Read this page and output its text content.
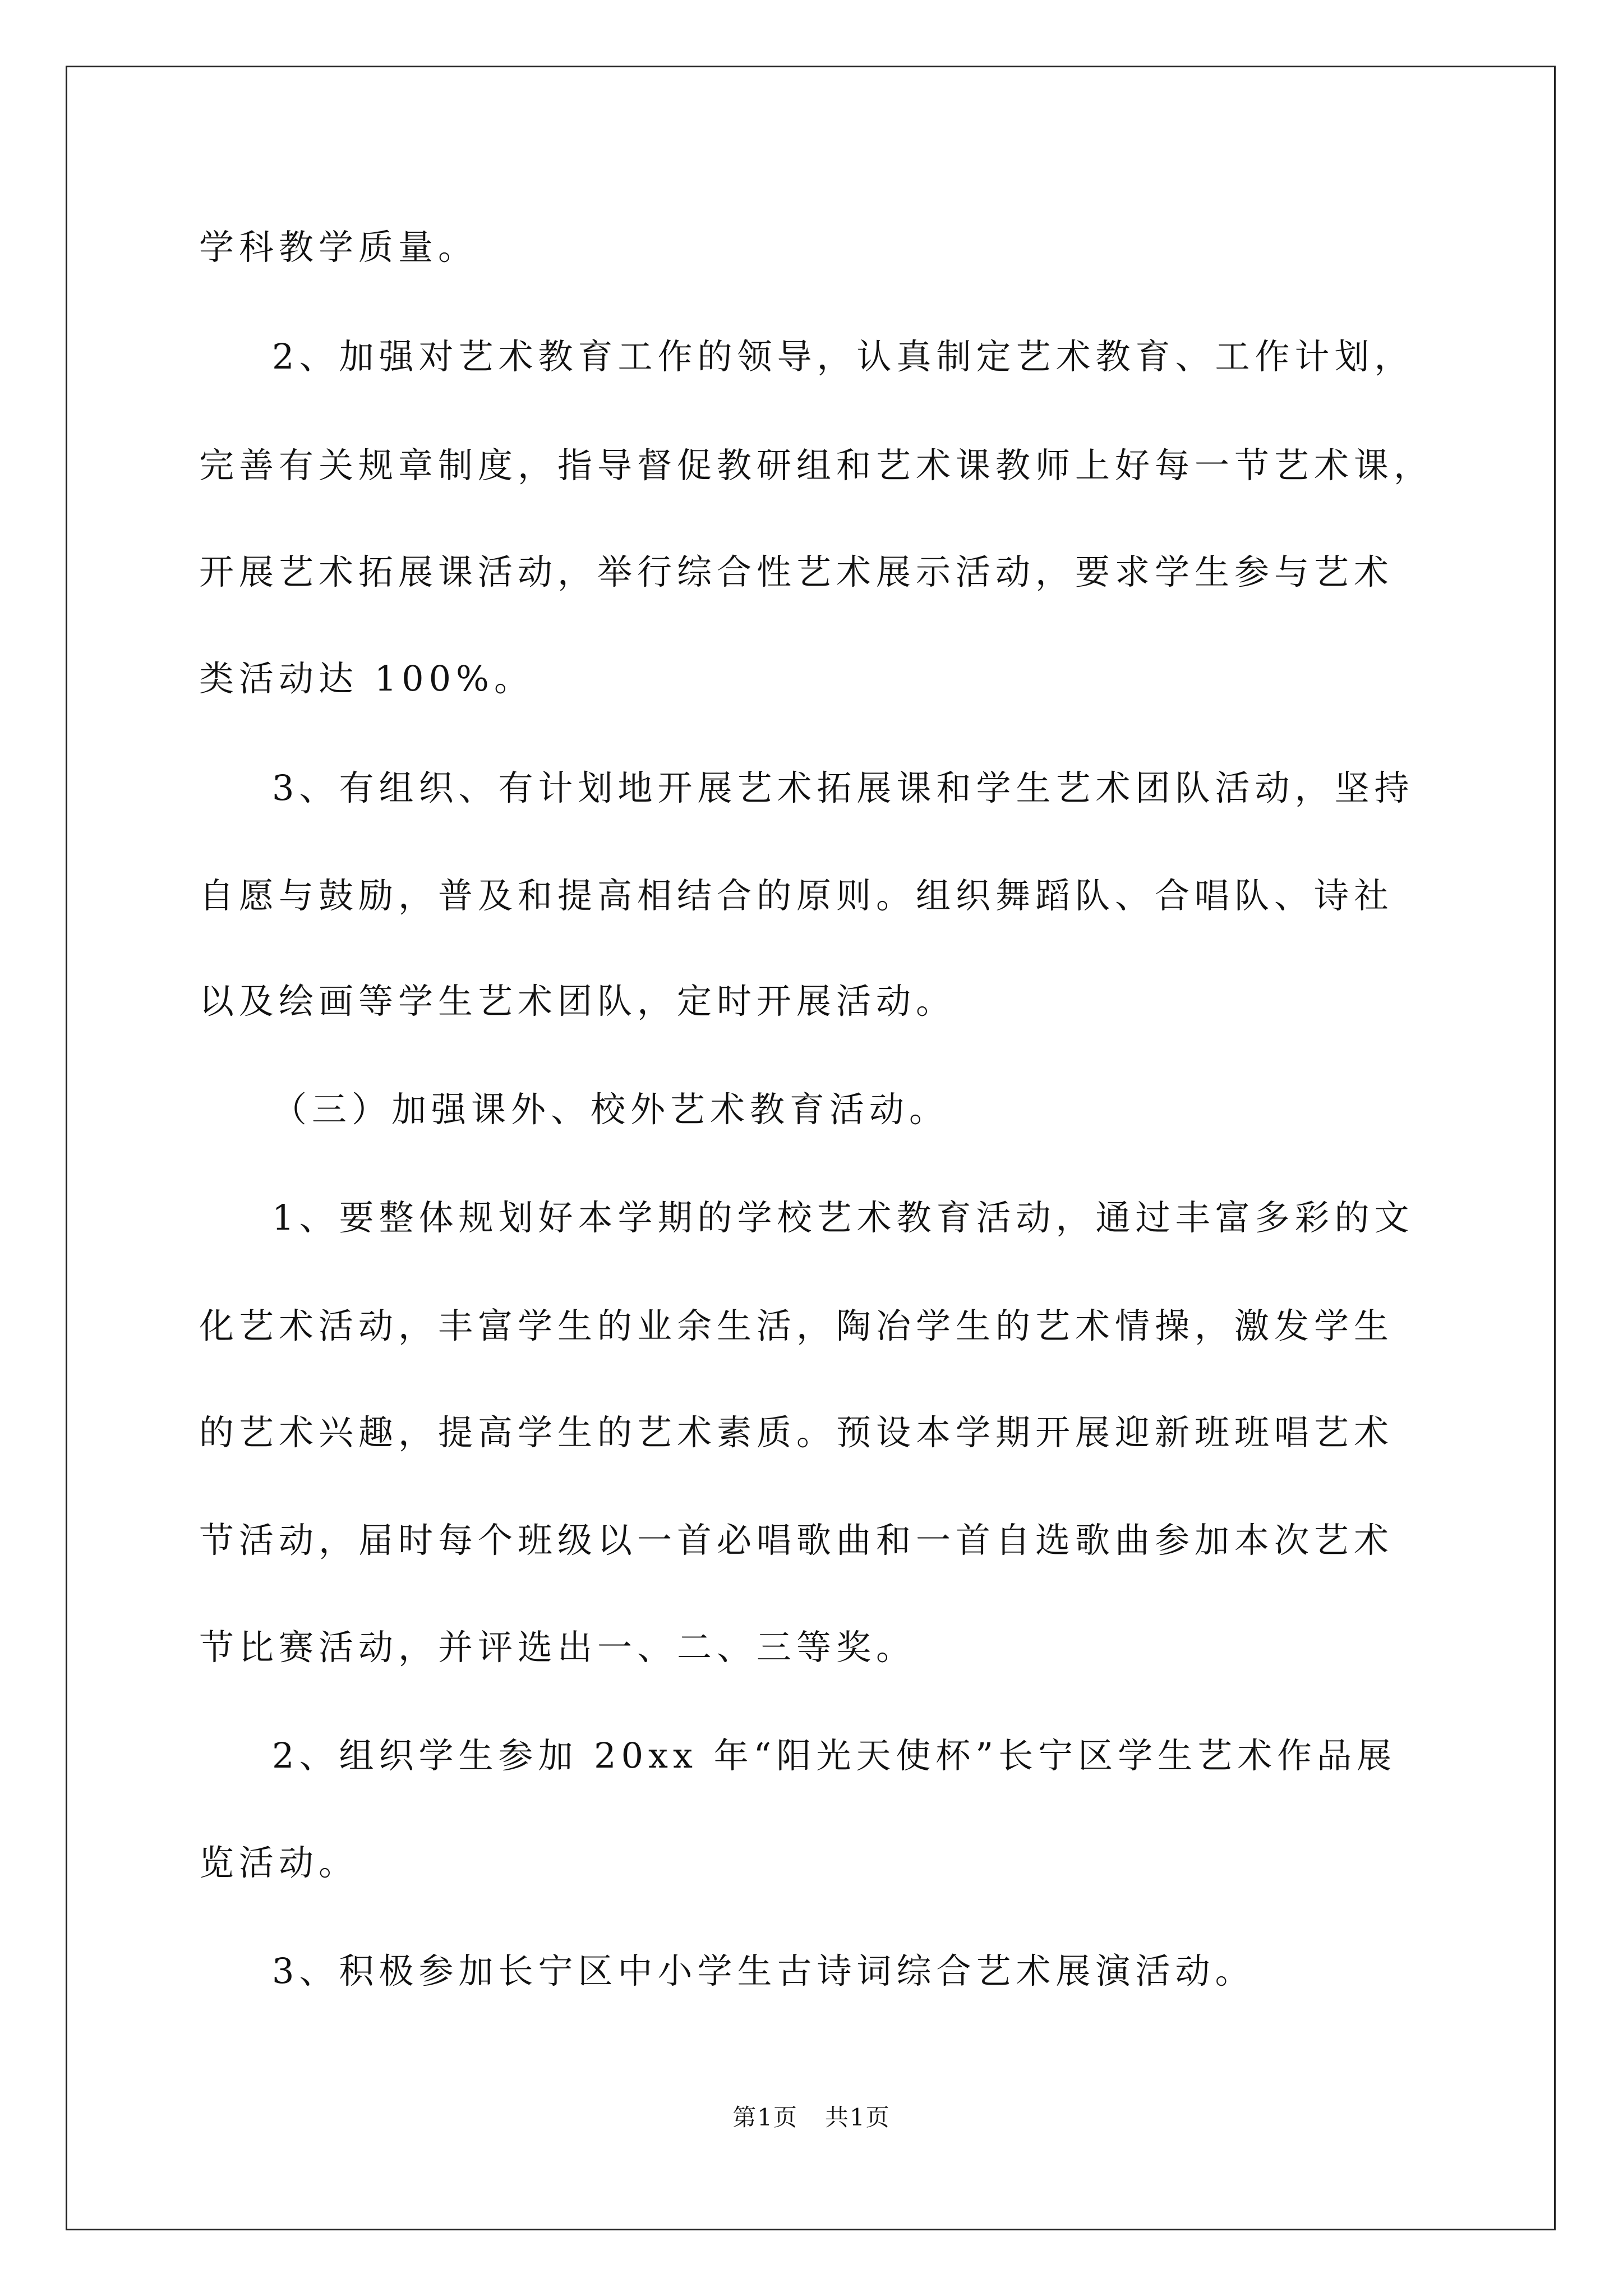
学科教学质量。
2、加强对艺术教育工作的领导，认真制定艺术教育、工作计划，
完善有关规章制度，指导督促教研组和艺术课教师上好每一节艺术课，
开展艺术拓展课活动，举行综合性艺术展示活动，要求学生参与艺术
类活动达 100%。
3、有组织、有计划地开展艺术拓展课和学生艺术团队活动，坚持
自愿与鼓励，普及和提高相结合的原则。组织舞蹈队、合唱队、诗社
以及绘画等学生艺术团队，定时开展活动。
（三）加强课外、校外艺术教育活动。
1、要整体规划好本学期的学校艺术教育活动，通过丰富多彩的文
化艺术活动，丰富学生的业余生活，陶冶学生的艺术情操，激发学生
的艺术兴趣，提高学生的艺术素质。预设本学期开展迎新班班唱艺术
节活动，届时每个班级以一首必唱歌曲和一首自选歌曲参加本次艺术
节比赛活动，并评选出一、二、三等奖。
2、组织学生参加 20xx 年“阳光天使杯”长宁区学生艺术作品展
览活动。
3、积极参加长宁区中小学生古诗词综合艺术展演活动。
第1页 共1页
